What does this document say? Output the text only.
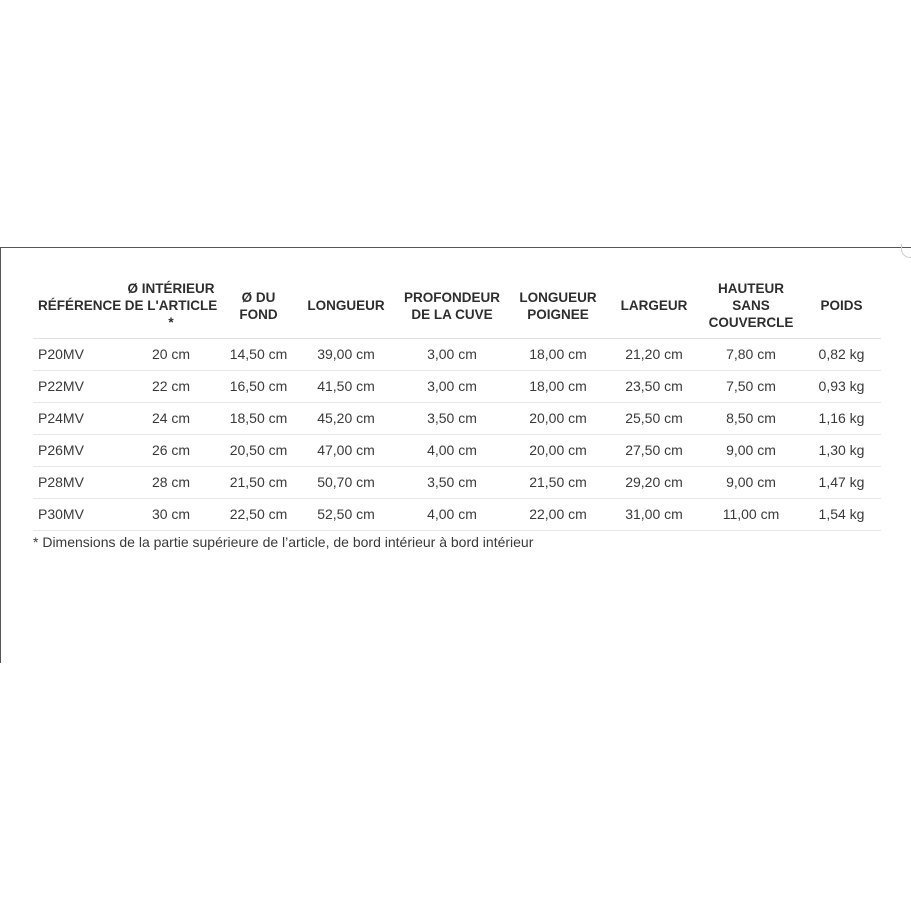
RÉFÉRENCE	Ø INTÉRIEUR DE L'ARTICLE *	Ø DU FOND	LONGUEUR	PROFONDEUR DE LA CUVE	LONGUEUR POIGNEE	LARGEUR	HAUTEUR SANS COUVERCLE	POIDS
P20MV	20 cm	14,50 cm	39,00 cm	3,00 cm	18,00 cm	21,20 cm	7,80 cm	0,82 kg
P22MV	22 cm	16,50 cm	41,50 cm	3,00 cm	18,00 cm	23,50 cm	7,50 cm	0,93 kg
P24MV	24 cm	18,50 cm	45,20 cm	3,50 cm	20,00 cm	25,50 cm	8,50 cm	1,16 kg
P26MV	26 cm	20,50 cm	47,00 cm	4,00 cm	20,00 cm	27,50 cm	9,00 cm	1,30 kg
P28MV	28 cm	21,50 cm	50,70 cm	3,50 cm	21,50 cm	29,20 cm	9,00 cm	1,47 kg
P30MV	30 cm	22,50 cm	52,50 cm	4,00 cm	22,00 cm	31,00 cm	11,00 cm	1,54 kg
* Dimensions de la partie supérieure de l’article, de bord intérieur à bord intérieur
